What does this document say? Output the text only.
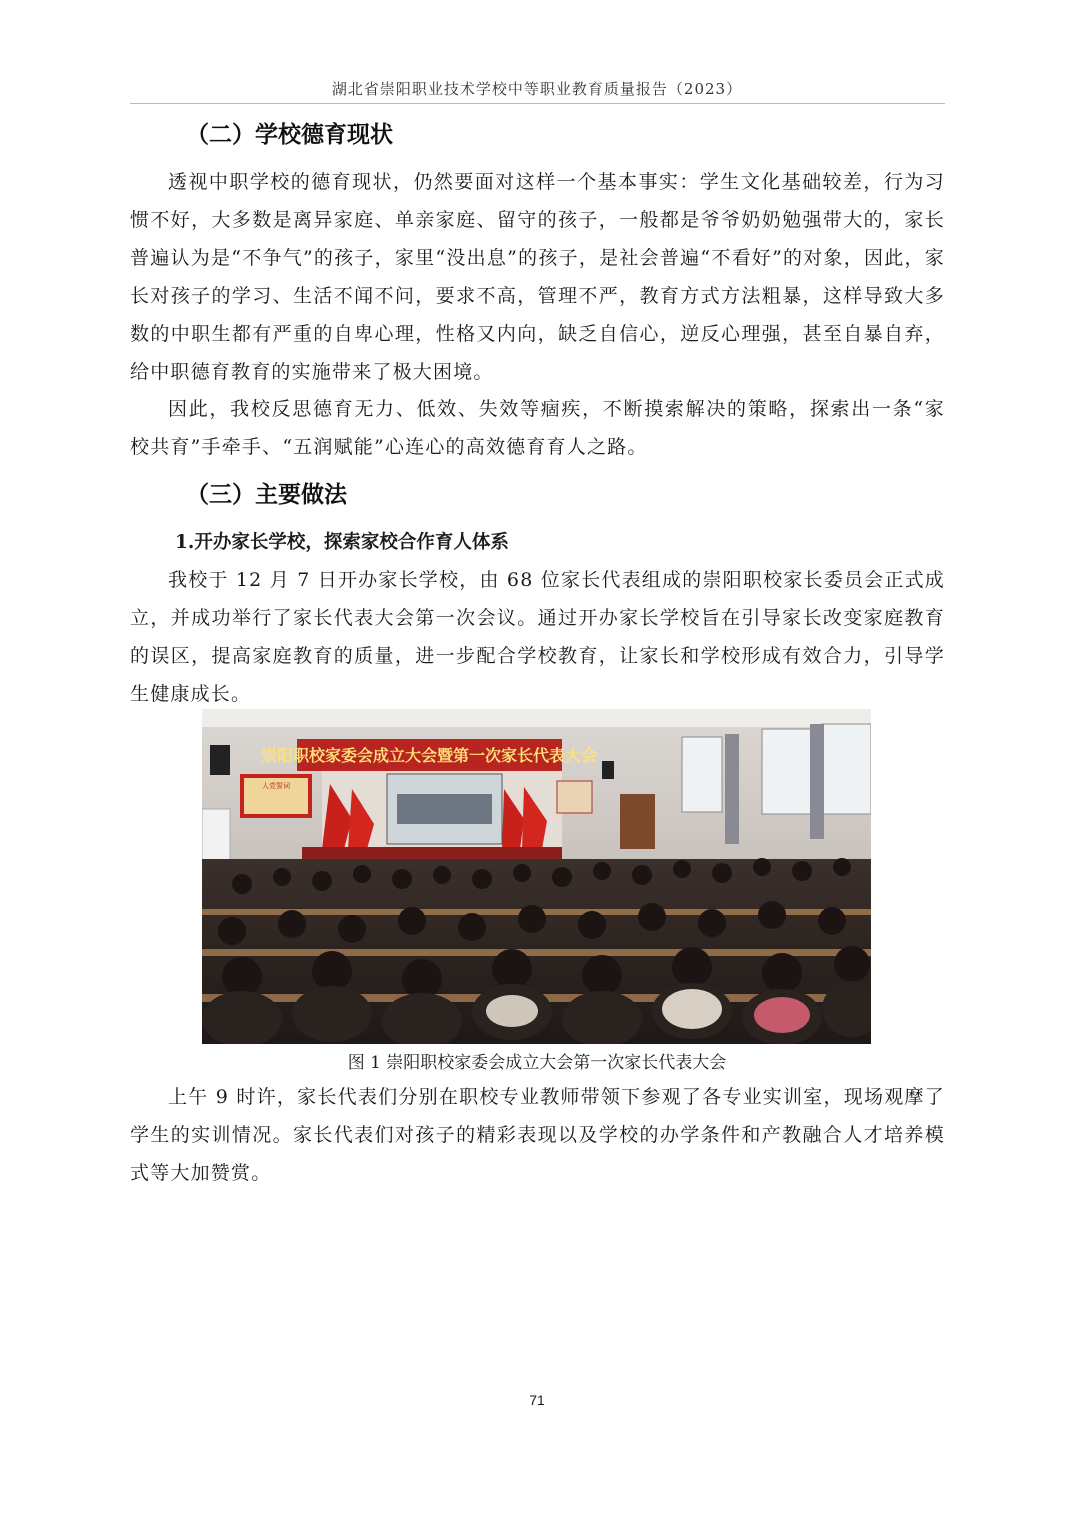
湖北省崇阳职业技术学校中等职业教育质量报告（2023）
（二）学校德育现状

透视中职学校的德育现状，仍然要面对这样一个基本事实：学生文化基础较差，行为习惯不好，大多数是离异家庭、单亲家庭、留守的孩子，一般都是爷爷奶奶勉强带大的，家长普遍认为是“不争气”的孩子，家里“没出息”的孩子，是社会普遍“不看好”的对象，因此，家长对孩子的学习、生活不闻不问，要求不高，管理不严，教育方式方法粗暴，这样导致大多数的中职生都有严重的自卑心理，性格又内向，缺乏自信心，逆反心理强，甚至自暴自弃，给中职德育教育的实施带来了极大困境。

因此，我校反思德育无力、低效、失效等痼疾，不断摸索解决的策略，探索出一条“家校共育”手牵手、“五润赋能”心连心的高效德育育人之路。

（三）主要做法
1.开办家长学校，探索家校合作育人体系

我校于 12 月 7 日开办家长学校，由 68 位家长代表组成的崇阳职校家长委员会正式成立，并成功举行了家长代表大会第一次会议。通过开办家长学校旨在引导家长改变家庭教育的误区，提高家庭教育的质量，进一步配合学校教育，让家长和学校形成有效合力，引导学生健康成长。

崇阳职校家委会成立大会暨第一次家长代表大会
人党誓词
图 1 崇阳职校家委会成立大会第一次家长代表大会

上午 9 时许，家长代表们分别在职校专业教师带领下参观了各专业实训室，现场观摩了学生的实训情况。家长代表们对孩子的精彩表现以及学校的办学条件和产教融合人才培养模式等大加赞赏。

71
